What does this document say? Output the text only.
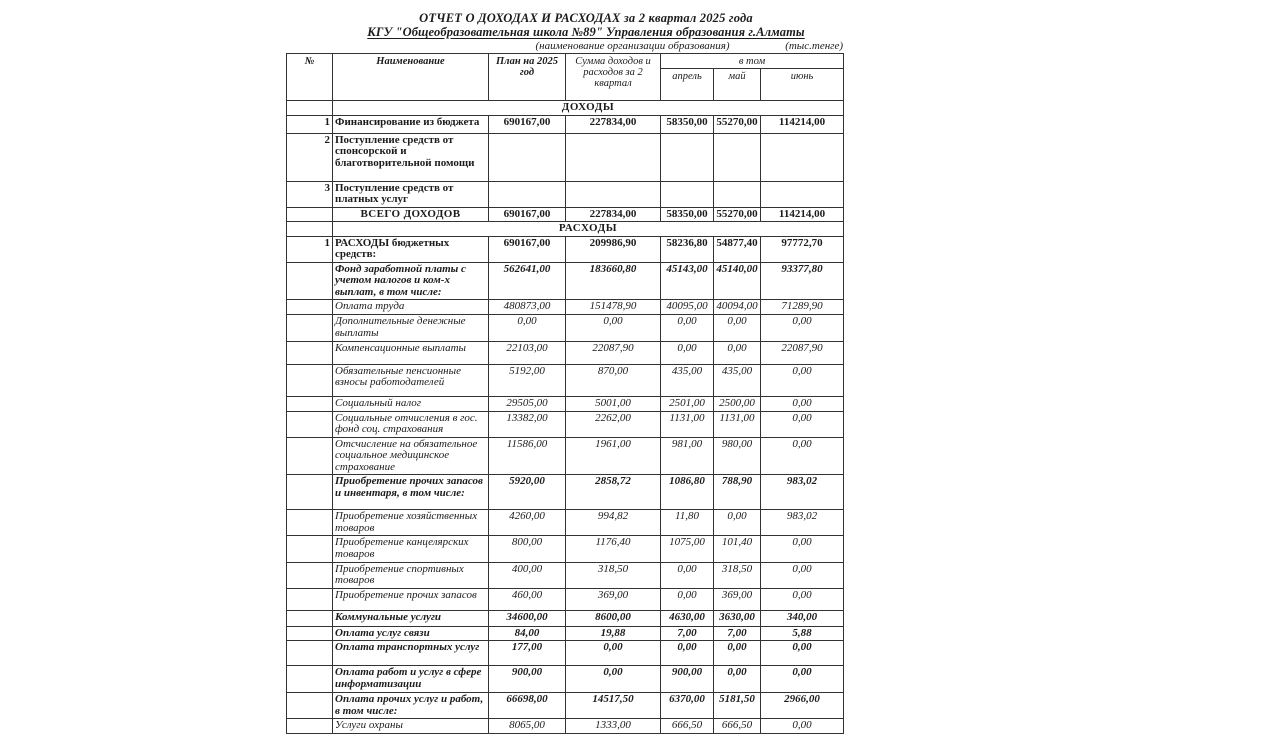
ОТЧЕТ О ДОХОДАХ И РАСХОДАХ за 2 квартал 2025 года
КГУ "Общеобразовательная школа №89" Управления образования г.Алматы
(наименование организации образования)	(тыс.тенге)
№	Наименование	План на 2025 год	Сумма доходов и расходов за 2 квартал	в том		
				апрель	май	июнь
	ДОХОДЫ					
1	Финансирование из бюджета	690167,00	227834,00	58350,00	55270,00	114214,00
2	Поступление средств от спонсорской и благотворительной помощи					
3	Поступление средств от платных услуг					
	ВСЕГО ДОХОДОВ	690167,00	227834,00	58350,00	55270,00	114214,00
	РАСХОДЫ					
1	РАСХОДЫ бюджетных средств:	690167,00	209986,90	58236,80	54877,40	97772,70
	Фонд заработной платы с учетом налогов и ком-х выплат, в том числе:	562641,00	183660,80	45143,00	45140,00	93377,80
	Оплата труда	480873,00	151478,90	40095,00	40094,00	71289,90
	Дополнительные денежные выплаты	0,00	0,00	0,00	0,00	0,00
	Компенсационные выплаты	22103,00	22087,90	0,00	0,00	22087,90
	Обязательные пенсионные взносы работодателей	5192,00	870,00	435,00	435,00	0,00
	Социальный налог	29505,00	5001,00	2501,00	2500,00	0,00
	Социальные отчисления в гос. фонд соц. страхования	13382,00	2262,00	1131,00	1131,00	0,00
	Отсчисление на обязательное социальное медицинское страхование	11586,00	1961,00	981,00	980,00	0,00
	Приобретение прочих запасов и инвентаря, в том числе:	5920,00	2858,72	1086,80	788,90	983,02
	Приобретение хозяйственных товаров	4260,00	994,82	11,80	0,00	983,02
	Приобретение канцелярских товаров	800,00	1176,40	1075,00	101,40	0,00
	Приобретение спортивных товаров	400,00	318,50	0,00	318,50	0,00
	Приобретение прочих запасов	460,00	369,00	0,00	369,00	0,00
	Коммунальные услуги	34600,00	8600,00	4630,00	3630,00	340,00
	Оплата услуг связи	84,00	19,88	7,00	7,00	5,88
	Оплата транспортных услуг	177,00	0,00	0,00	0,00	0,00
	Оплата работ и услуг в сфере информатизации	900,00	0,00	900,00	0,00	0,00
	Оплата прочих услуг и работ, в том числе:	66698,00	14517,50	6370,00	5181,50	2966,00
	Услуги охраны	8065,00	1333,00	666,50	666,50	0,00
